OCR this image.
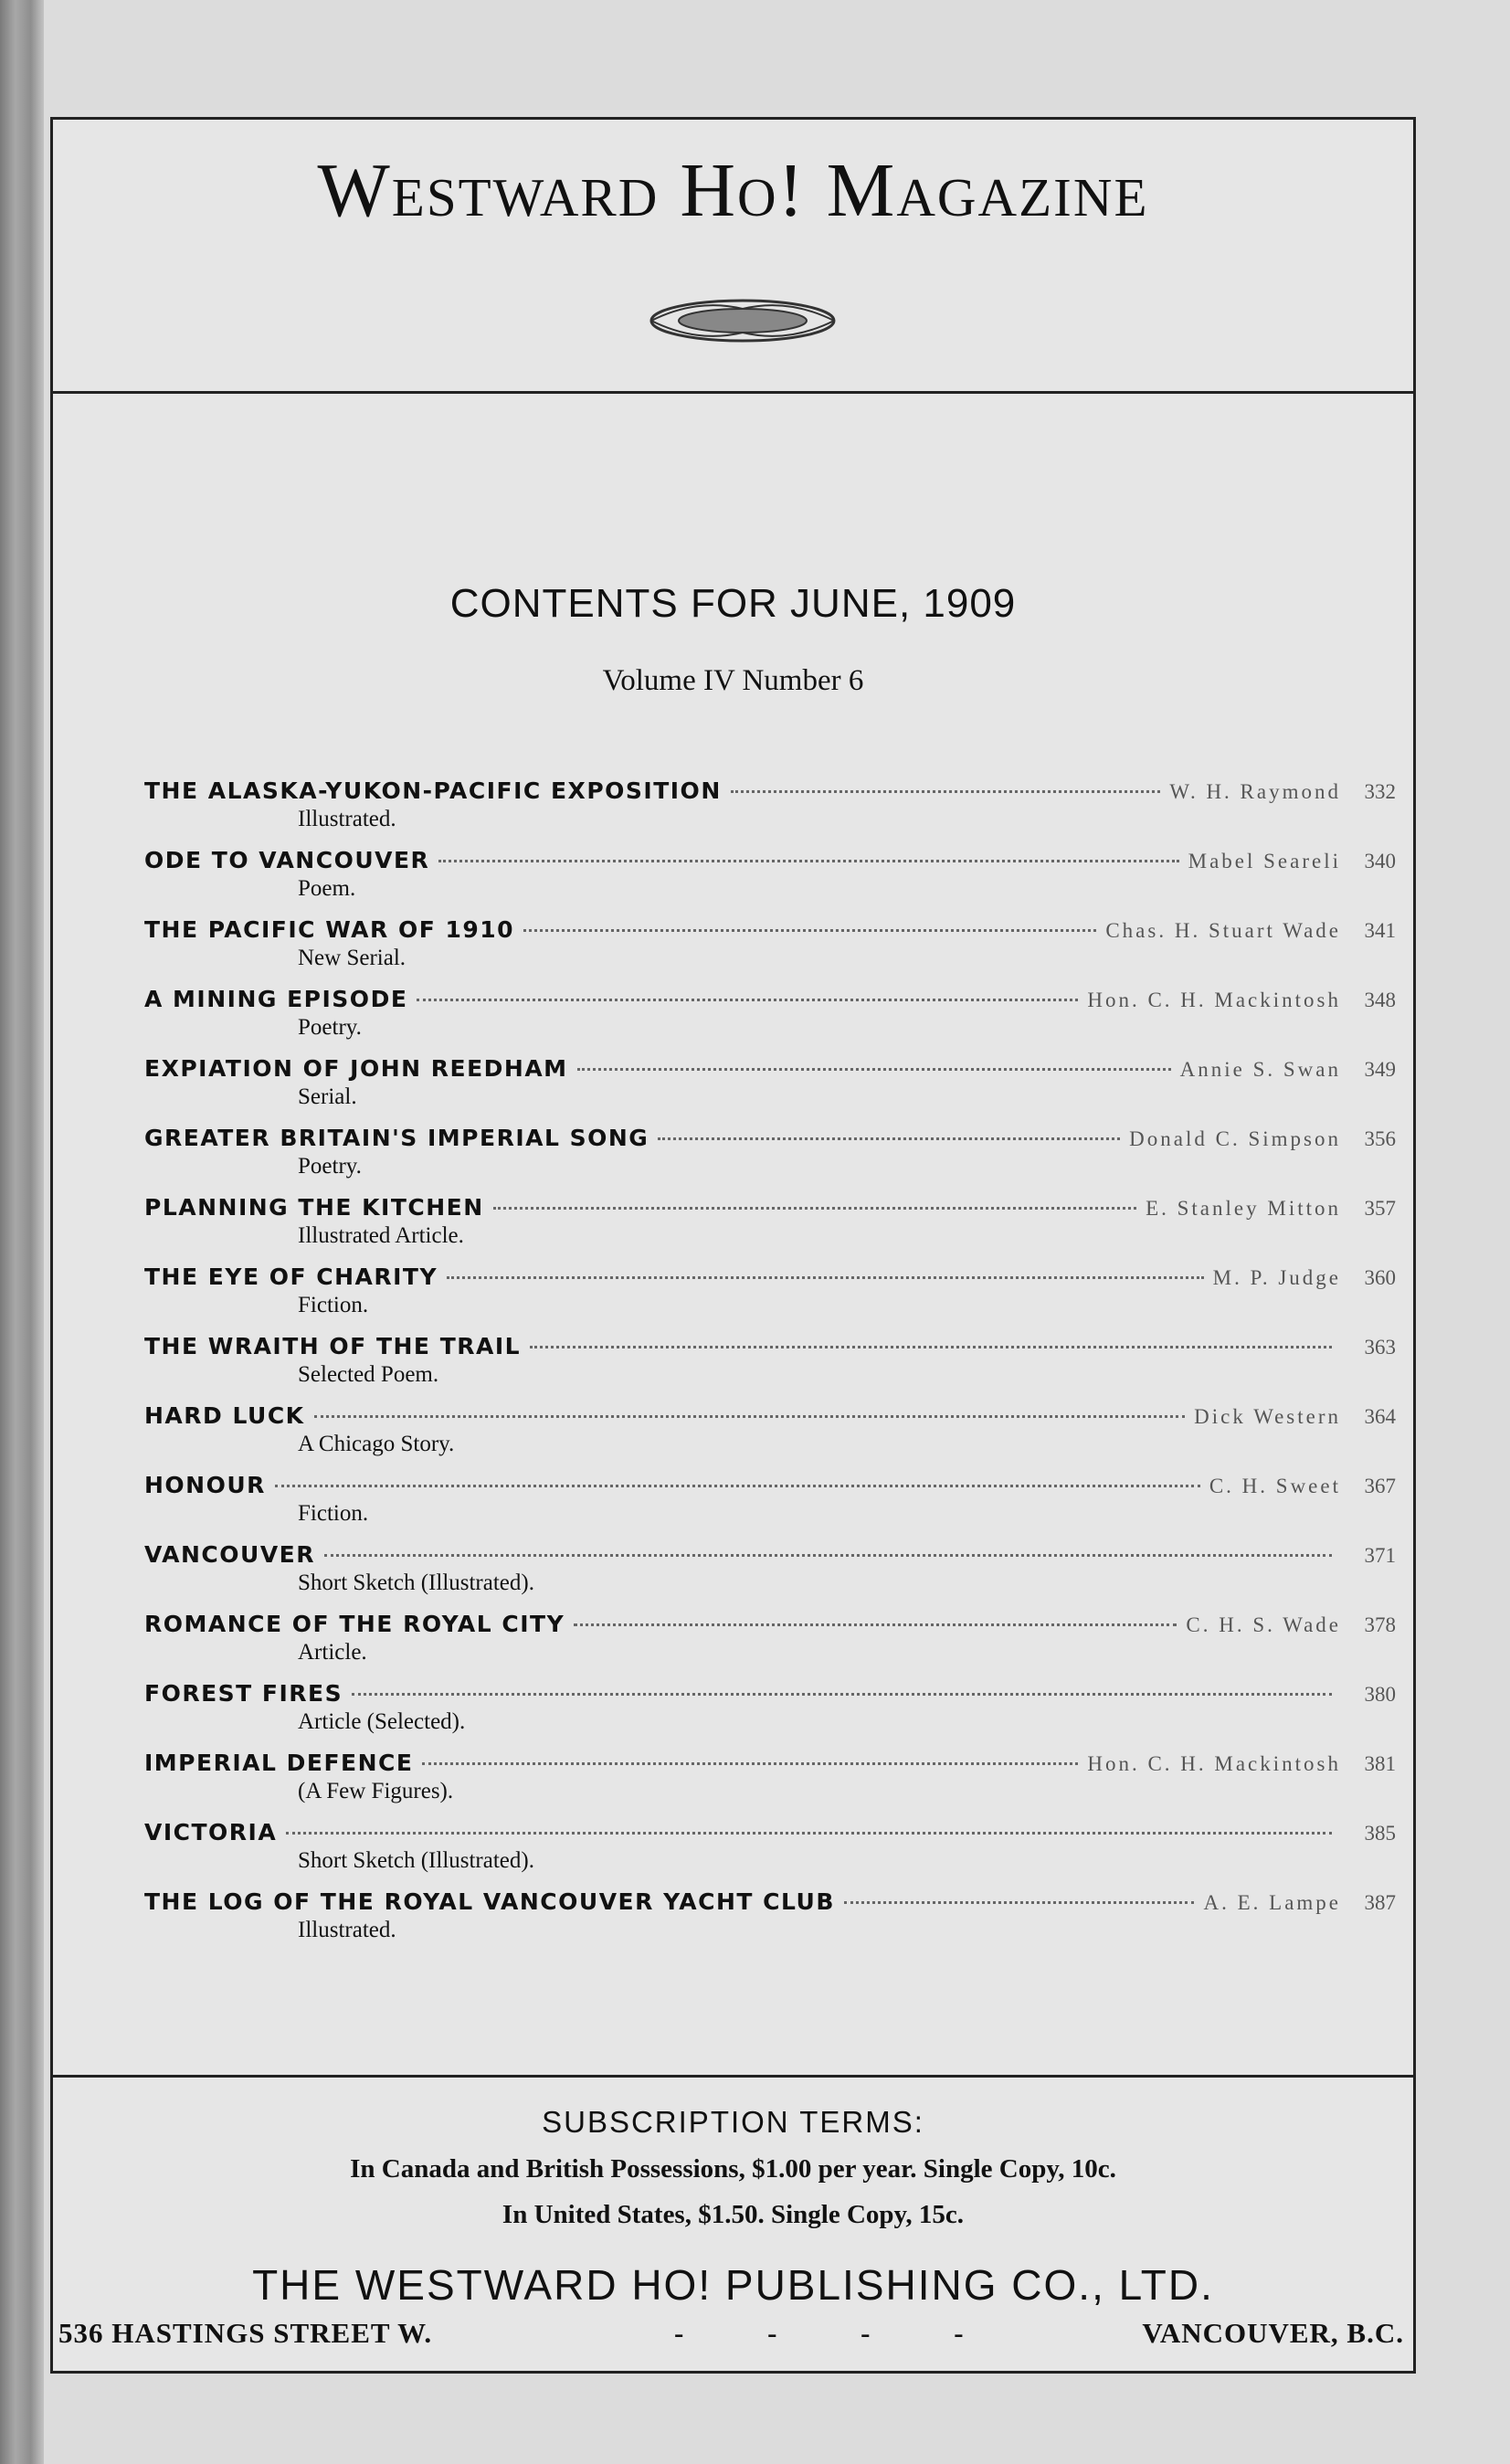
Westward Ho! Magazine
CONTENTS FOR JUNE, 1909
Volume IV Number 6
THE ALASKA-YUKON-PACIFIC EXPOSITION	W. H. Raymond	332
Illustrated.
ODE TO VANCOUVER	Mabel Seareli	340
Poem.
THE PACIFIC WAR OF 1910	Chas. H. Stuart Wade	341
New Serial.
A MINING EPISODE	Hon. C. H. Mackintosh	348
Poetry.
EXPIATION OF JOHN REEDHAM	Annie S. Swan	349
Serial.
GREATER BRITAIN'S IMPERIAL SONG	Donald C. Simpson	356
Poetry.
PLANNING THE KITCHEN	E. Stanley Mitton	357
Illustrated Article.
THE EYE OF CHARITY	M. P. Judge	360
Fiction.
THE WRAITH OF THE TRAIL	363
Selected Poem.
HARD LUCK	Dick Western	364
A Chicago Story.
HONOUR	C. H. Sweet	367
Fiction.
VANCOUVER	371
Short Sketch (Illustrated).
ROMANCE OF THE ROYAL CITY	C. H. S. Wade	378
Article.
FOREST FIRES	380
Article (Selected).
IMPERIAL DEFENCE	Hon. C. H. Mackintosh	381
(A Few Figures).
VICTORIA	385
Short Sketch (Illustrated).
THE LOG OF THE ROYAL VANCOUVER YACHT CLUB	A. E. Lampe	387
Illustrated.
SUBSCRIPTION TERMS:
In Canada and British Possessions, $1.00 per year. Single Copy, 10c.
In United States, $1.50. Single Copy, 15c.
THE WESTWARD HO! PUBLISHING CO., LTD.
536 HASTINGS STREET W.	- - - -	VANCOUVER, B.C.
